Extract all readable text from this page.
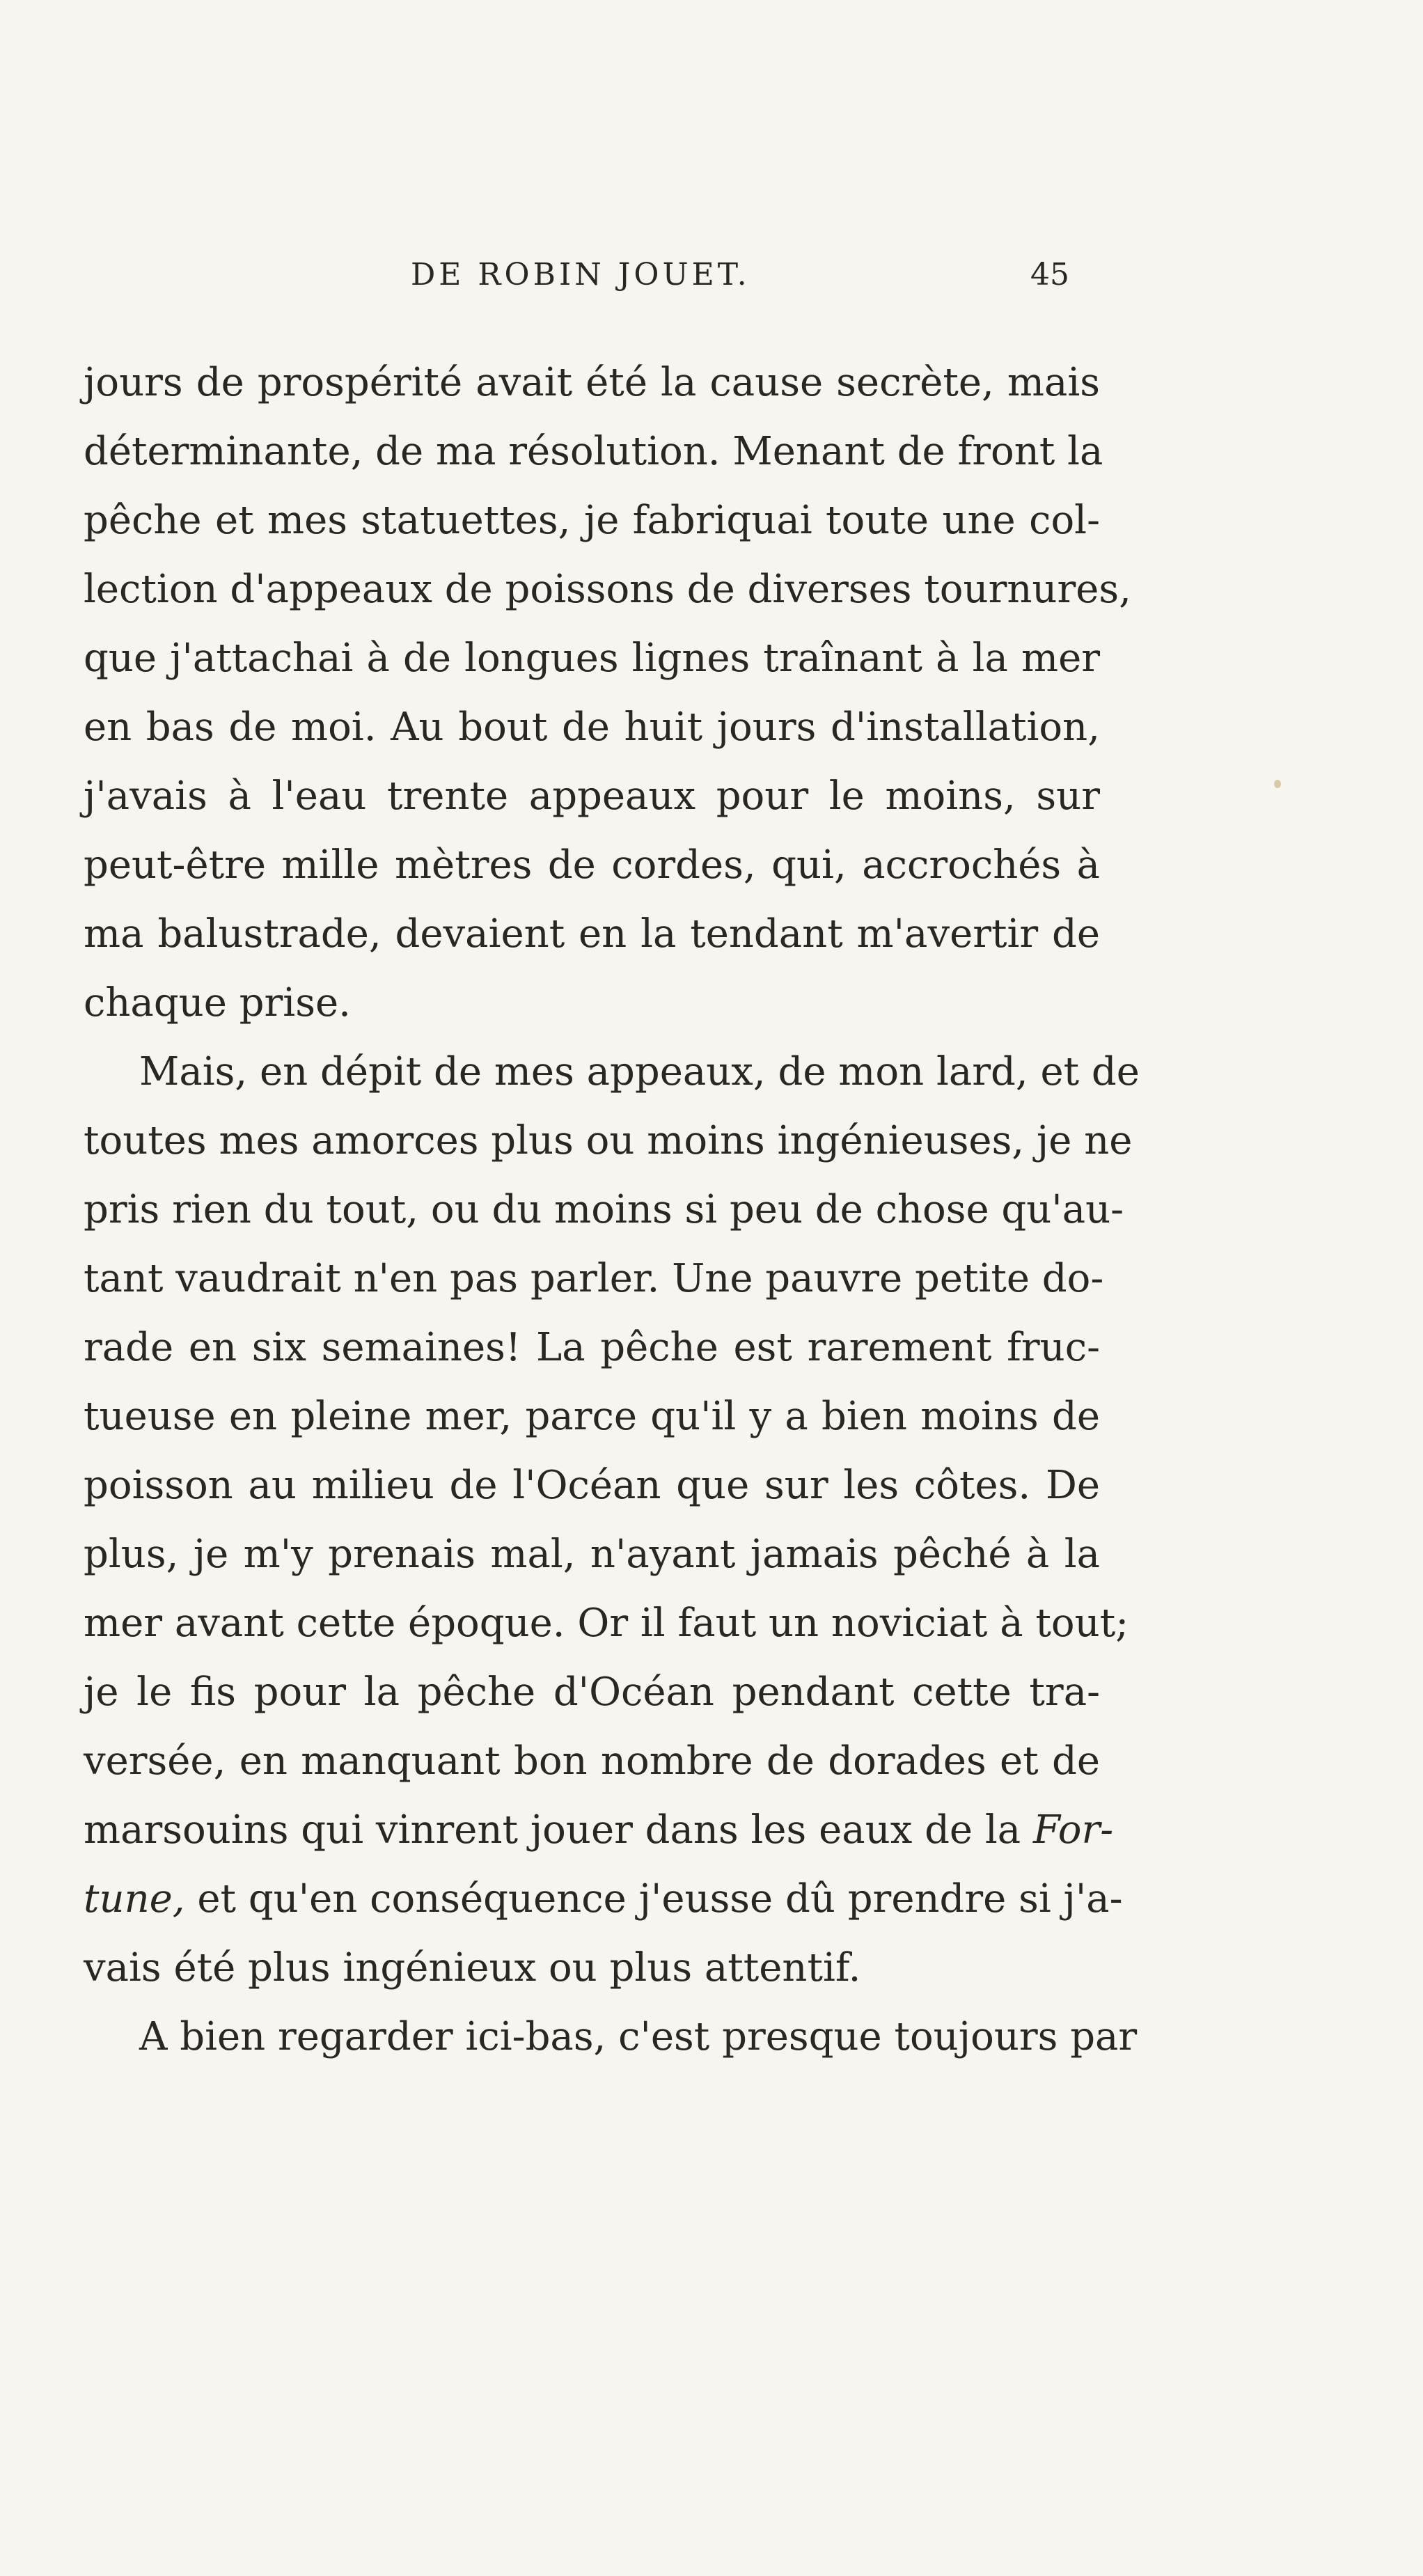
DE ROBIN JOUET.	45
jours de prospérité avait été la cause secrète, mais
déterminante, de ma résolution. Menant de front la
pêche et mes statuettes, je fabriquai toute une col-
lection d'appeaux de poissons de diverses tournures,
que j'attachai à de longues lignes traînant à la mer
en bas de moi. Au bout de huit jours d'installation,
j'avais à l'eau trente appeaux pour le moins, sur
peut-être mille mètres de cordes, qui, accrochés à
ma balustrade, devaient en la tendant m'avertir de
chaque prise.
Mais, en dépit de mes appeaux, de mon lard, et de
toutes mes amorces plus ou moins ingénieuses, je ne
pris rien du tout, ou du moins si peu de chose qu'au-
tant vaudrait n'en pas parler. Une pauvre petite do-
rade en six semaines! La pêche est rarement fruc-
tueuse en pleine mer, parce qu'il y a bien moins de
poisson au milieu de l'Océan que sur les côtes. De
plus, je m'y prenais mal, n'ayant jamais pêché à la
mer avant cette époque. Or il faut un noviciat à tout;
je le fis pour la pêche d'Océan pendant cette tra-
versée, en manquant bon nombre de dorades et de
marsouins qui vinrent jouer dans les eaux de la For-
tune, et qu'en conséquence j'eusse dû prendre si j'a-
vais été plus ingénieux ou plus attentif.
A bien regarder ici-bas, c'est presque toujours par
